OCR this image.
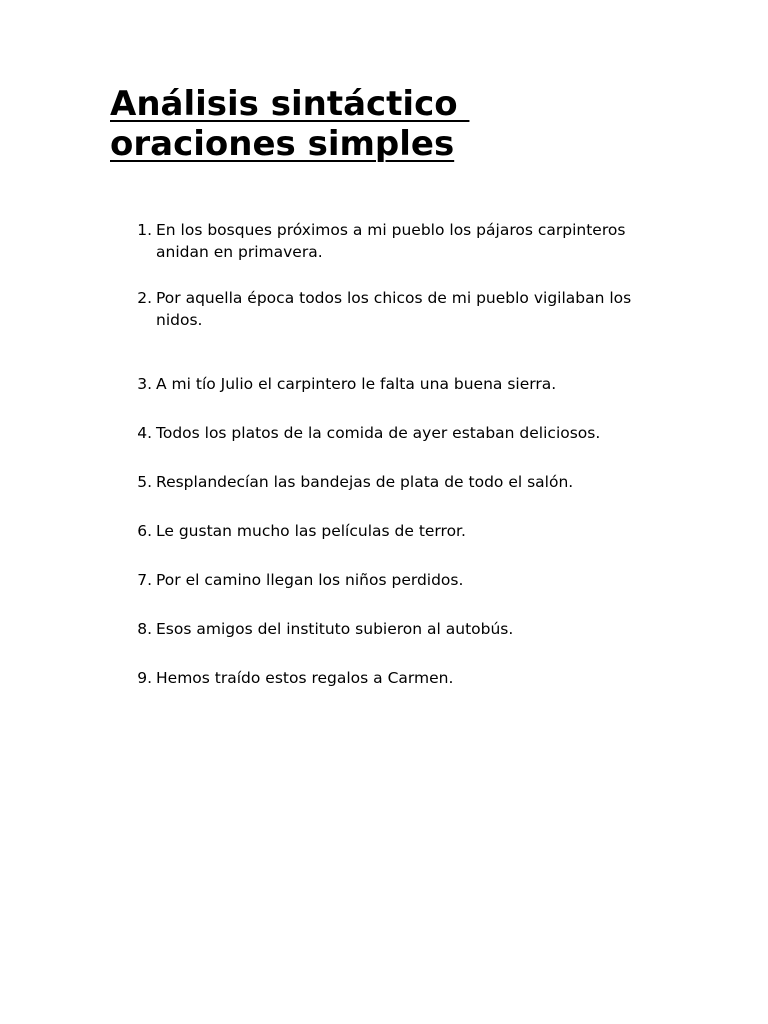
Análisis sintáctico
oraciones simples
1. En los bosques próximos a mi pueblo los pájaros carpinteros anidan en primavera.
2. Por aquella época todos los chicos de mi pueblo vigilaban los nidos.
3. A mi tío Julio el carpintero le falta una buena sierra.
4. Todos los platos de la comida de ayer estaban deliciosos.
5. Resplandecían las bandejas de plata de todo el salón.
6. Le gustan mucho las películas de terror.
7. Por el camino llegan los niños perdidos.
8. Esos amigos del instituto subieron al autobús.
9. Hemos traído estos regalos a Carmen.
